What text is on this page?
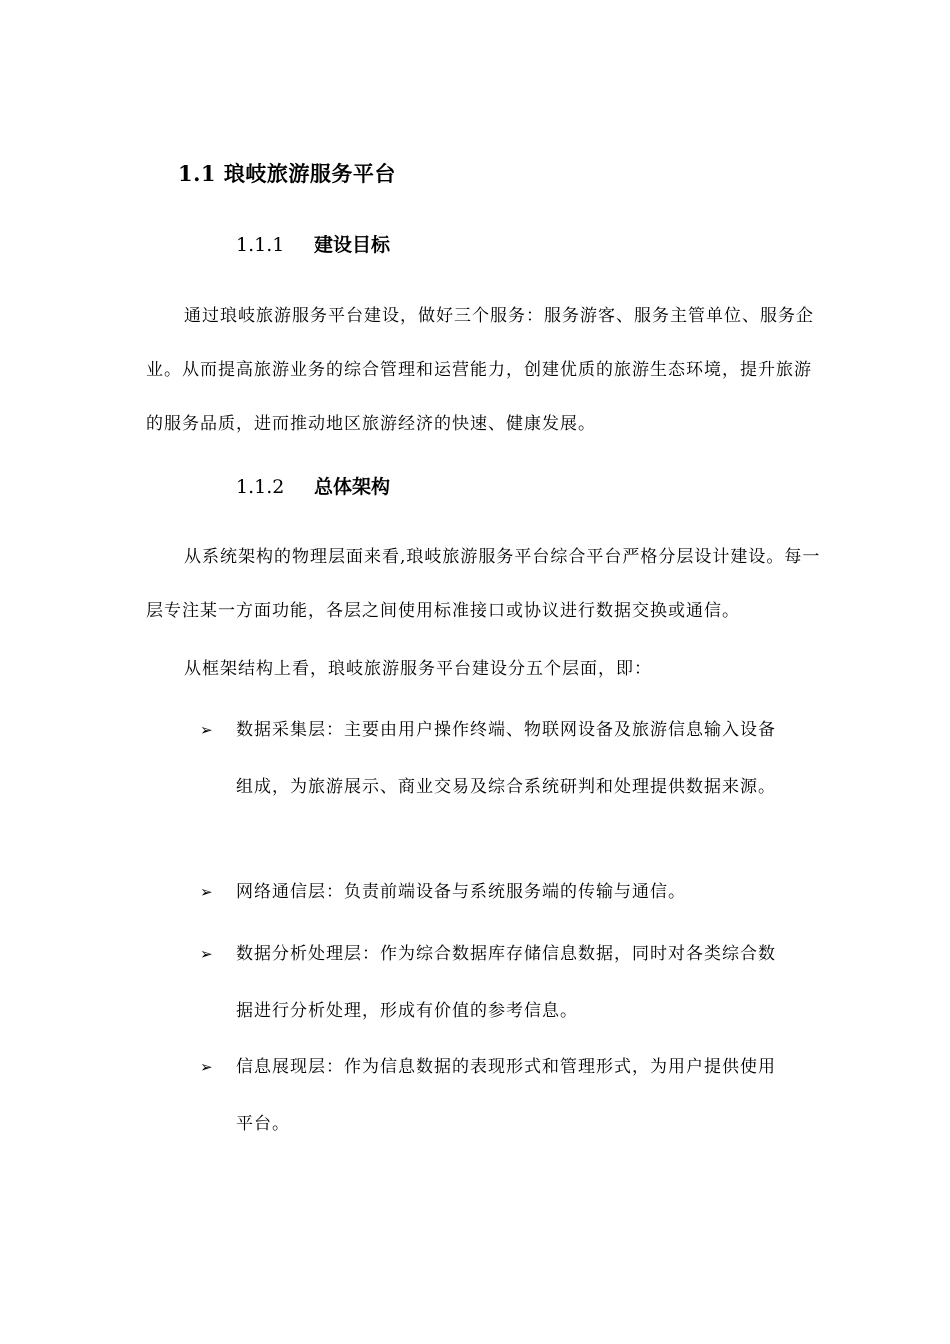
1.1 琅岐旅游服务平台
1.1.1 建设目标

通过琅岐旅游服务平台建设，做好三个服务：服务游客、服务主管单位、服务企业。从而提高旅游业务的综合管理和运营能力，创建优质的旅游生态环境，提升旅游的服务品质，进而推动地区旅游经济的快速、健康发展。

1.1.2 总体架构

从系统架构的物理层面来看,琅岐旅游服务平台综合平台严格分层设计建设。每一层专注某一方面功能，各层之间使用标准接口或协议进行数据交换或通信。

从框架结构上看，琅岐旅游服务平台建设分五个层面，即：

➢	数据采集层：主要由用户操作终端、物联网设备及旅游信息输入设备组成，为旅游展示、商业交易及综合系统研判和处理提供数据来源。
➢	网络通信层：负责前端设备与系统服务端的传输与通信。
➢	数据分析处理层：作为综合数据库存储信息数据，同时对各类综合数据进行分析处理，形成有价值的参考信息。
➢	信息展现层：作为信息数据的表现形式和管理形式，为用户提供使用平台。
